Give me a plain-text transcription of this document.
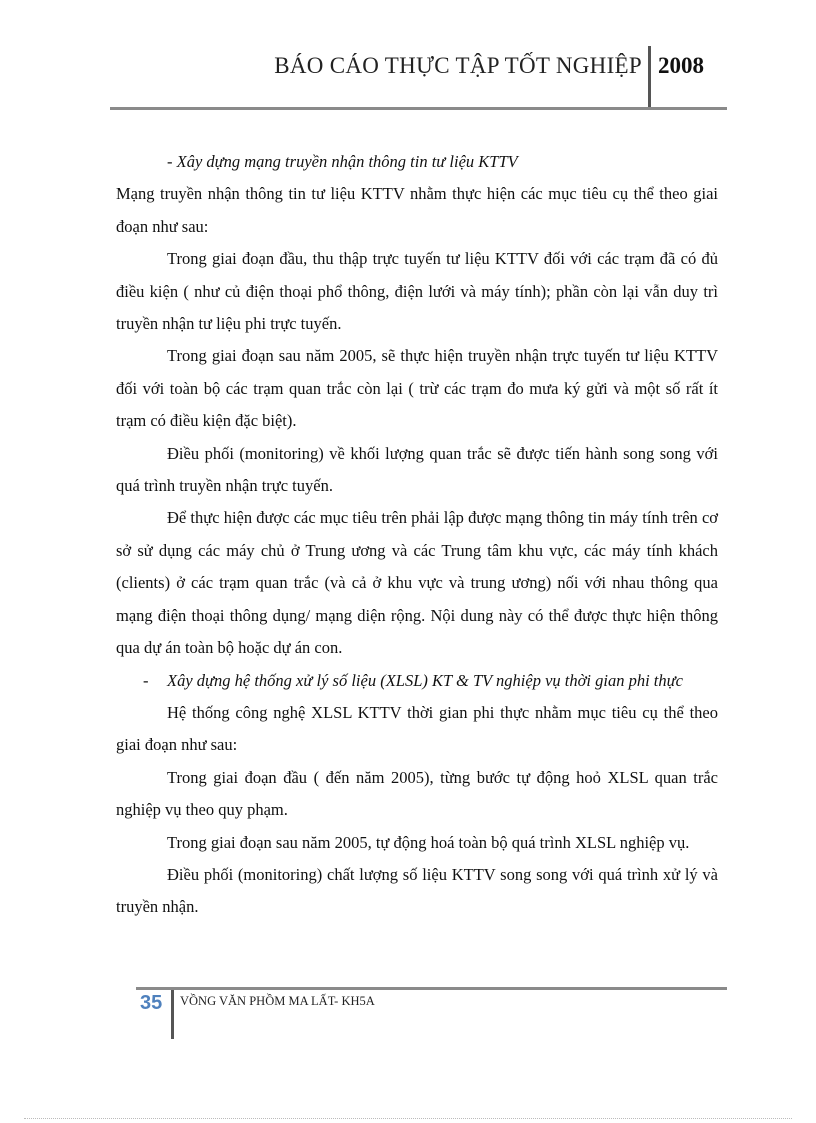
BÁO CÁO THỰC TẬP TỐT NGHIỆP 2008

- Xây dựng mạng truyền nhận thông tin tư liệu KTTV

Mạng truyền nhận thông tin tư liệu KTTV nhằm thực hiện các mục tiêu cụ thể theo giai đoạn như sau:

Trong giai đoạn đầu, thu thập trực tuyến tư liệu KTTV đối với các trạm đã có đủ điều kiện ( như củ điện thoại phổ thông, điện lưới và máy tính); phần còn lại vẫn duy trì truyền nhận tư liệu phi trực tuyến.

Trong giai đoạn sau năm 2005, sẽ thực hiện truyền nhận trực tuyến tư liệu KTTV đối với toàn bộ các trạm quan trắc còn lại ( trừ các trạm đo mưa ký gửi và một số rất ít trạm có điều kiện đặc biệt).

Điều phối (monitoring) về khối lượng quan trắc sẽ được tiến hành song song với quá trình truyền nhận trực tuyến.

Để thực hiện được các mục tiêu trên phải lập được mạng thông tin máy tính trên cơ sở sử dụng các máy chủ ở Trung ương và các Trung tâm khu vực, các máy tính khách (clients) ở các trạm quan trắc (và cả ở khu vực và trung ương) nối với nhau thông qua mạng điện thoại thông dụng/ mạng diện rộng. Nội dung này có thể được thực hiện thông qua dự án toàn bộ hoặc dự án con.

-	Xây dựng hệ thống xử lý số liệu (XLSL) KT & TV nghiệp vụ thời gian phi thực

Hệ thống công nghệ XLSL KTTV thời gian phi thực nhằm mục tiêu cụ thể theo giai đoạn như sau:

Trong giai đoạn đầu ( đến năm 2005), từng bước tự động hoỏ XLSL quan trắc nghiệp vụ theo quy phạm.

Trong giai đoạn sau năm 2005, tự động hoá toàn bộ quá trình XLSL nghiệp vụ.

Điều phối (monitoring) chất lượng số liệu KTTV song song với quá trình xử lý và truyền nhận.

35 VỒNG VĂN PHỒM MA LẤT- KH5A
